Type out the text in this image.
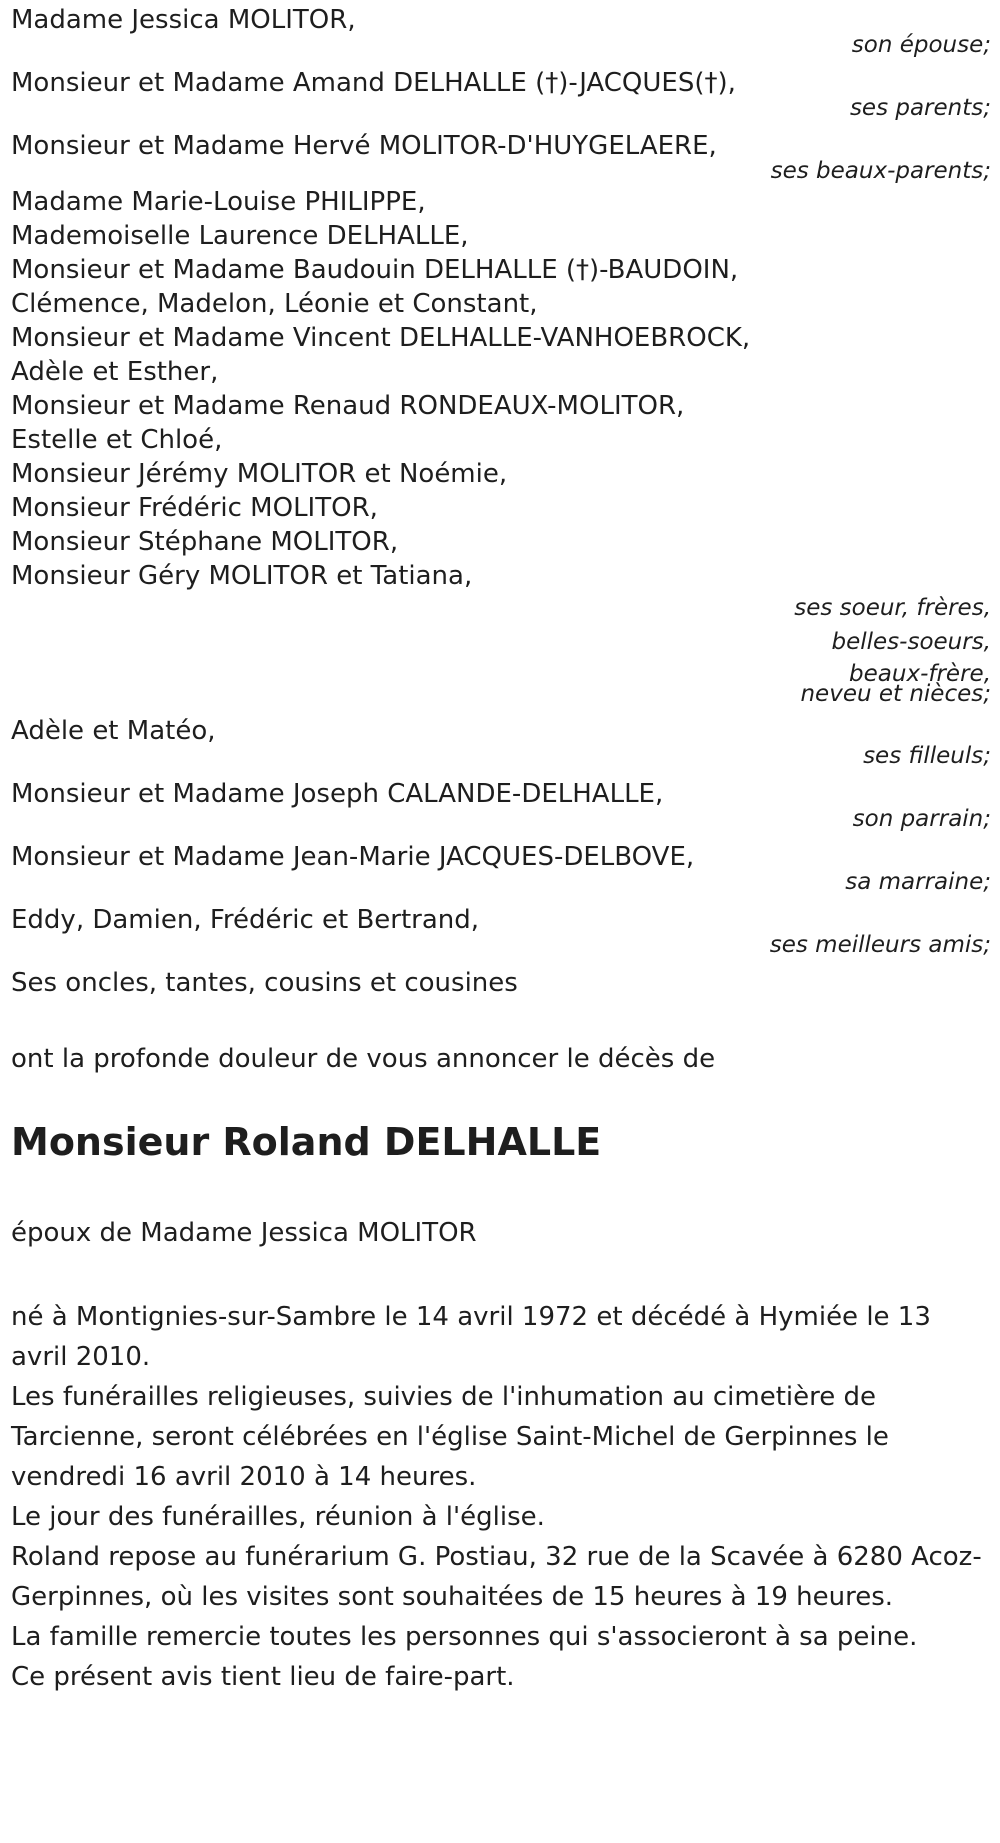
Madame Jessica MOLITOR,
son épouse;
Monsieur et Madame Amand DELHALLE (†)-JACQUES(†),
ses parents;
Monsieur et Madame Hervé MOLITOR-D'HUYGELAERE,
ses beaux-parents;
Madame Marie-Louise PHILIPPE,
Mademoiselle Laurence DELHALLE,
Monsieur et Madame Baudouin DELHALLE (†)-BAUDOIN,
Clémence, Madelon, Léonie et Constant,
Monsieur et Madame Vincent DELHALLE-VANHOEBROCK,
Adèle et Esther,
Monsieur et Madame Renaud RONDEAUX-MOLITOR,
Estelle et Chloé,
Monsieur Jérémy MOLITOR et Noémie,
Monsieur Frédéric MOLITOR,
Monsieur Stéphane MOLITOR,
Monsieur Géry MOLITOR et Tatiana,
ses soeur, frères,
belles-soeurs,
beaux-frère,
neveu et nièces;
Adèle et Matéo,
ses filleuls;
Monsieur et Madame Joseph CALANDE-DELHALLE,
son parrain;
Monsieur et Madame Jean-Marie JACQUES-DELBOVE,
sa marraine;
Eddy, Damien, Frédéric et Bertrand,
ses meilleurs amis;
Ses oncles, tantes, cousins et cousines
ont la profonde douleur de vous annoncer le décès de
Monsieur Roland DELHALLE
époux de Madame Jessica MOLITOR
né à Montignies-sur-Sambre le 14 avril 1972 et décédé à Hymiée le 13 avril 2010.
Les funérailles religieuses, suivies de l'inhumation au cimetière de Tarcienne, seront célébrées en l'église Saint-Michel de Gerpinnes le vendredi 16 avril 2010 à 14 heures.
Le jour des funérailles, réunion à l'église.
Roland repose au funérarium G. Postiau, 32 rue de la Scavée à 6280 Acoz-Gerpinnes, où les visites sont souhaitées de 15 heures à 19 heures.
La famille remercie toutes les personnes qui s'associeront à sa peine.
Ce présent avis tient lieu de faire-part.
